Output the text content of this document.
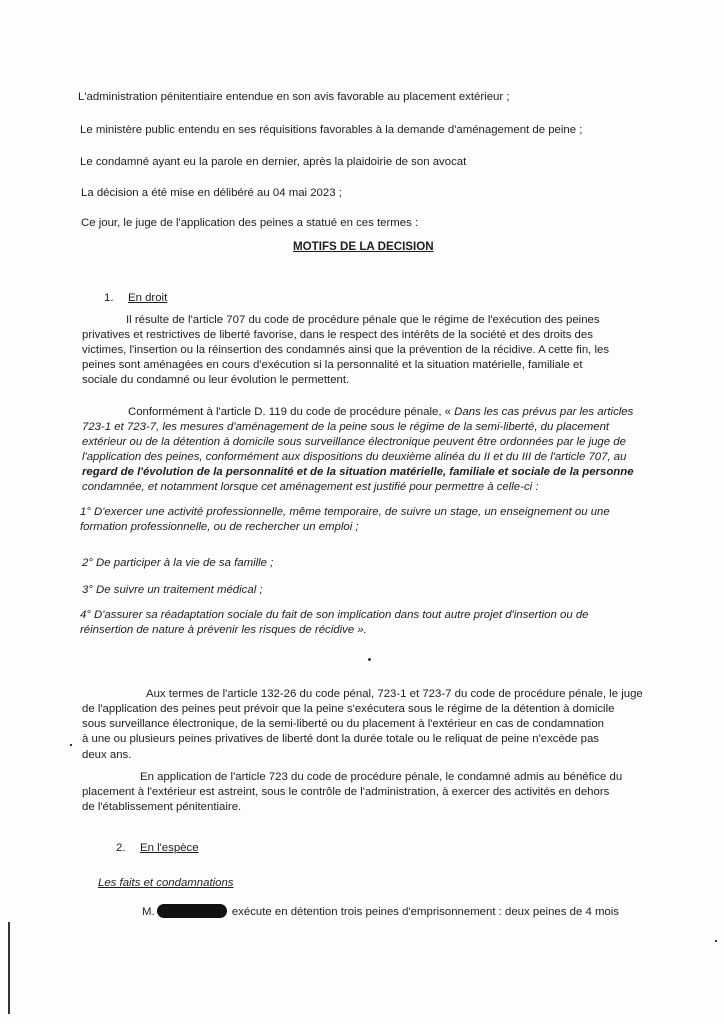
L'administration pénitentiaire entendue en son avis favorable au placement extérieur ;
Le ministère public entendu en ses réquisitions favorables à la demande d'aménagement de peine ;
Le condamné ayant eu la parole en dernier, après la plaidoirie de son avocat
La décision a été mise en délibéré au 04 mai 2023 ;
Ce jour, le juge de l'application des peines a statué en ces termes :
MOTIFS DE LA DECISION
1. En droit
Il résulte de l'article 707 du code de procédure pénale que le régime de l'exécution des peines
privatives et restrictives de liberté favorise, dans le respect des intérêts de la société et des droits des
victimes, l'insertion ou la réinsertion des condamnés ainsi que la prévention de la récidive. A cette fin, les
peines sont aménagées en cours d'exécution si la personnalité et la situation matérielle, familiale et
sociale du condamné ou leur évolution le permettent.
Conformément à l'article D. 119 du code de procédure pénale, « Dans les cas prévus par les articles
723-1 et 723-7, les mesures d'aménagement de la peine sous le régime de la semi-liberté, du placement
extérieur ou de la détention à domicile sous surveillance électronique peuvent être ordonnées par le juge de
l'application des peines, conformément aux dispositions du deuxième alinéa du II et du III de l'article 707, au
regard de l'évolution de la personnalité et de la situation matérielle, familiale et sociale de la personne
condamnée, et notamment lorsque cet aménagement est justifié pour permettre à celle-ci :
1° D'exercer une activité professionnelle, même temporaire, de suivre un stage, un enseignement ou une
formation professionnelle, ou de rechercher un emploi ;
2° De participer à la vie de sa famille ;
3° De suivre un traitement médical ;
4° D'assurer sa réadaptation sociale du fait de son implication dans tout autre projet d'insertion ou de
réinsertion de nature à prévenir les risques de récidive ».
Aux termes de l'article 132-26 du code pénal, 723-1 et 723-7 du code de procédure pénale, le juge
de l'application des peines peut prévoir que la peine s'exécutera sous le régime de la détention à domicile
sous surveillance électronique, de la semi-liberté ou du placement à l'extérieur en cas de condamnation
à une ou plusieurs peines privatives de liberté dont la durée totale ou le reliquat de peine n'excède pas
deux ans.
En application de l'article 723 du code de procédure pénale, le condamné admis au bénéfice du
placement à l'extérieur est astreint, sous le contrôle de l'administration, à exercer des activités en dehors
de l'établissement pénitentiaire.
2. En l'espèce
Les faits et condamnations
M.	exécute en détention trois peines d'emprisonnement : deux peines de 4 mois
